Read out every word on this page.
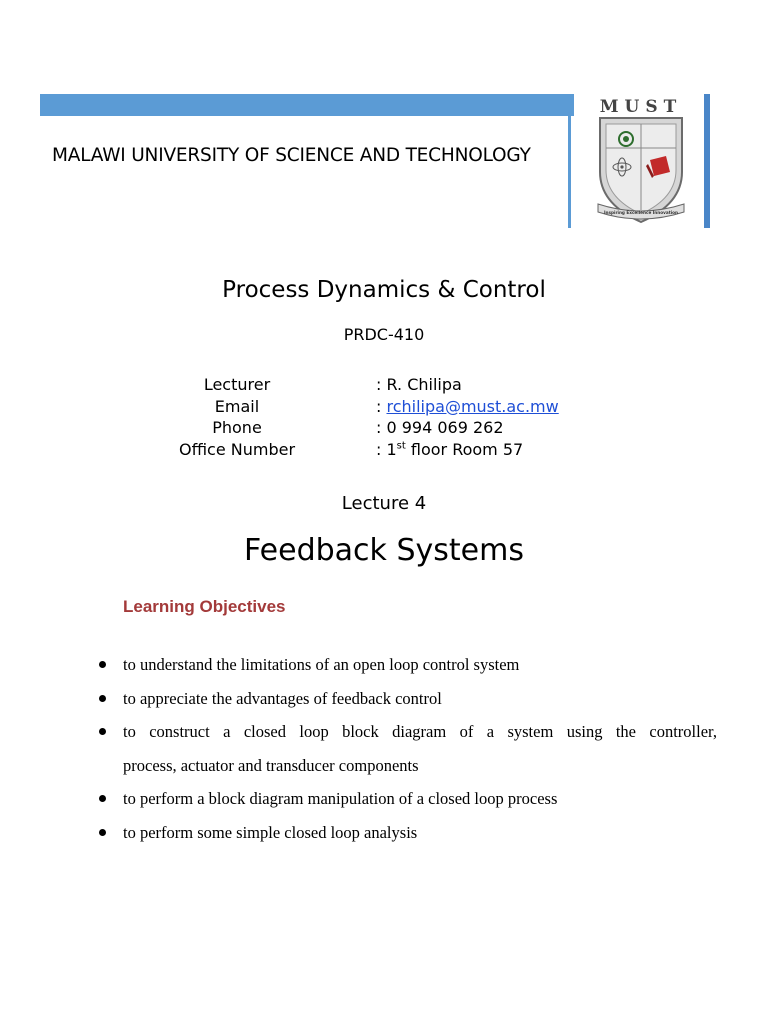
MALAWI UNIVERSITY OF SCIENCE AND TECHNOLOGY
MUST
Inspiring Excellence Innovation
Process Dynamics & Control
PRDC-410
Lecturer	: R. Chilipa
Email	: rchilipa@must.ac.mw
Phone	: 0 994 069 262
Office Number	: 1st floor Room 57
Lecture 4
Feedback Systems
Learning Objectives
to understand the limitations of an open loop control system
to appreciate the advantages of feedback control
to construct a closed loop block diagram of a system using the controller,
process, actuator and transducer components
to perform a block diagram manipulation of a closed loop process
to perform some simple closed loop analysis
